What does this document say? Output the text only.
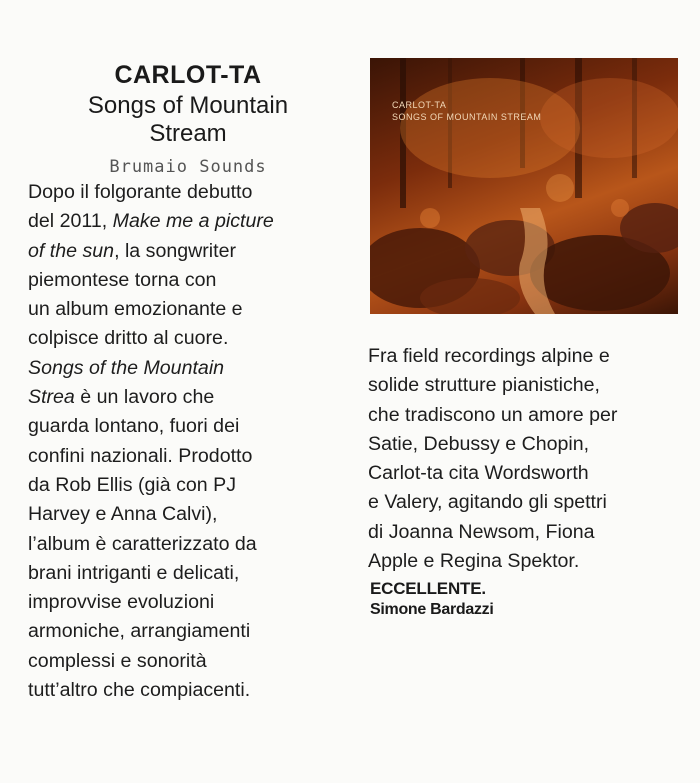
CARLOT-TA
Songs of Mountain
Stream
Brumaio Sounds
Dopo il folgorante debutto
del 2011, Make me a picture
of the sun, la songwriter
piemontese torna con
un album emozionante e
colpisce dritto al cuore.
Songs of the Mountain
Strea è un lavoro che
guarda lontano, fuori dei
confini nazionali. Prodotto
da Rob Ellis (già con PJ
Harvey e Anna Calvi),
l’album è caratterizzato da
brani intriganti e delicati,
improvvise evoluzioni
armoniche, arrangiamenti
complessi e sonorità
tutt’altro che compiacenti.
CARLOT-TA
SONGS OF MOUNTAIN STREAM
Fra field recordings alpine e
solide strutture pianistiche,
che tradiscono un amore per
Satie, Debussy e Chopin,
Carlot-ta cita Wordsworth
e Valery, agitando gli spettri
di Joanna Newsom, Fiona
Apple e Regina Spektor.
ECCELLENTE.
Simone Bardazzi
